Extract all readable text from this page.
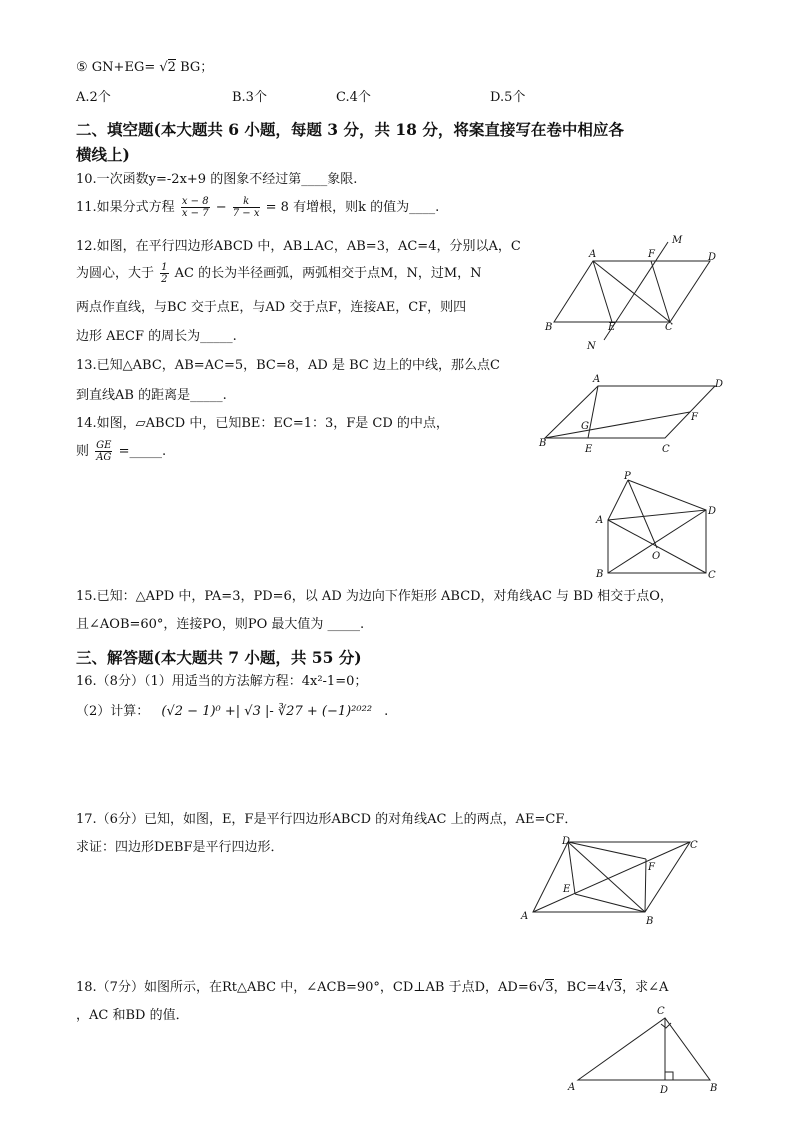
⑤ GN+EG= √2 BG；
A.2个	B.3个	C.4个	D.5个
二、填空题(本大题共 6 小题，每题 3 分，共 18 分，将案直接写在卷中相应各
横线上)
10.一次函数y=-2x+9 的图象不经过第____象限.
11.如果分式方程 $\frac{x - 8}{x - 7} - \frac{k}{7 - x} = 8$ 有增根，则k 的值为____.
12.如图，在平行四边形ABCD 中，AB⊥AC，AB=3，AC=4，分别以A，C
为圆心，大于 $\frac{1}{2}$ AC 的长为半径画弧，两弧相交于点M，N，过M，N
两点作直线，与BC 交于点E，与AD 交于点F，连接AE，CF，则四
边形 AECF 的周长为_____.
A	F
M
D
B	E	C
N
13.已知△ABC，AB=AC=5，BC=8，AD 是 BC 边上的中线，那么点C
到直线AB 的距离是_____.
14.如图，▱ABCD 中，已知BE：EC=1：3，F是 CD 的中点，
则 $\frac{GE}{AG}$ =_____.
A	D
G
F
B
E	C
P
A
D
O
B	C
15.已知：△APD 中，PA=3，PD=6，以 AD 为边向下作矩形 ABCD，对角线AC 与 BD 相交于点O，
且∠AOB=60°，连接PO，则PO 最大值为 _____.
三、解答题(本大题共 7 小题，共 55 分)
16.（8分）（1）用适当的方法解方程：4x²-1=0；
（2）计算： (√2 − 1)⁰ +| √3 |- ∛27 + (−1)²⁰²² .
17.（6分）已知，如图，E，F是平行四边形ABCD 的对角线AC 上的两点，AE=CF．
求证：四边形DEBF是平行四边形．	D	C
F
E
A	B
18.（7分）如图所示，在Rt△ABC 中，∠ACB=90°，CD⊥AB 于点D，AD=6√3，BC=4√3，求∠A
，AC 和BD 的值．	C
A	D	B
